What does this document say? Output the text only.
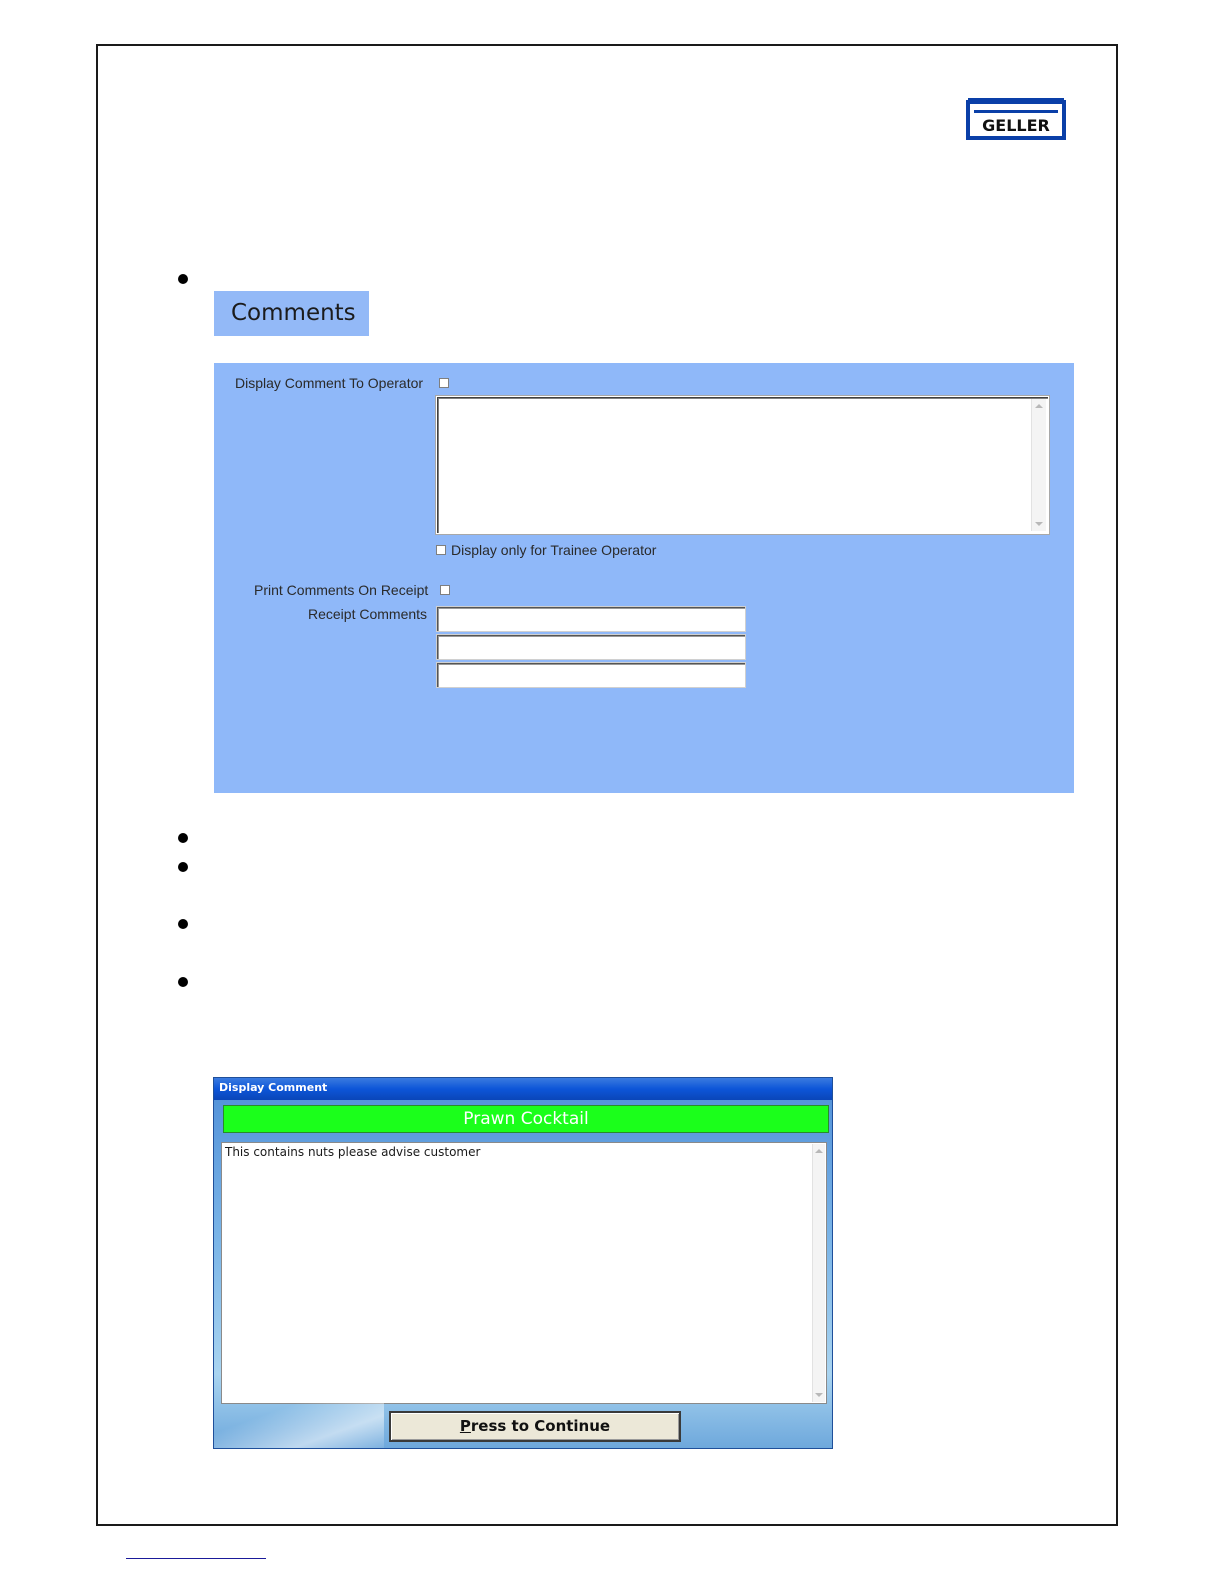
GELLER
Comments
Display Comment To Operator
Display only for Trainee Operator
Print Comments On Receipt
Receipt Comments
Display Comment
Prawn Cocktail
This contains nuts please advise customer
Press to Continue
